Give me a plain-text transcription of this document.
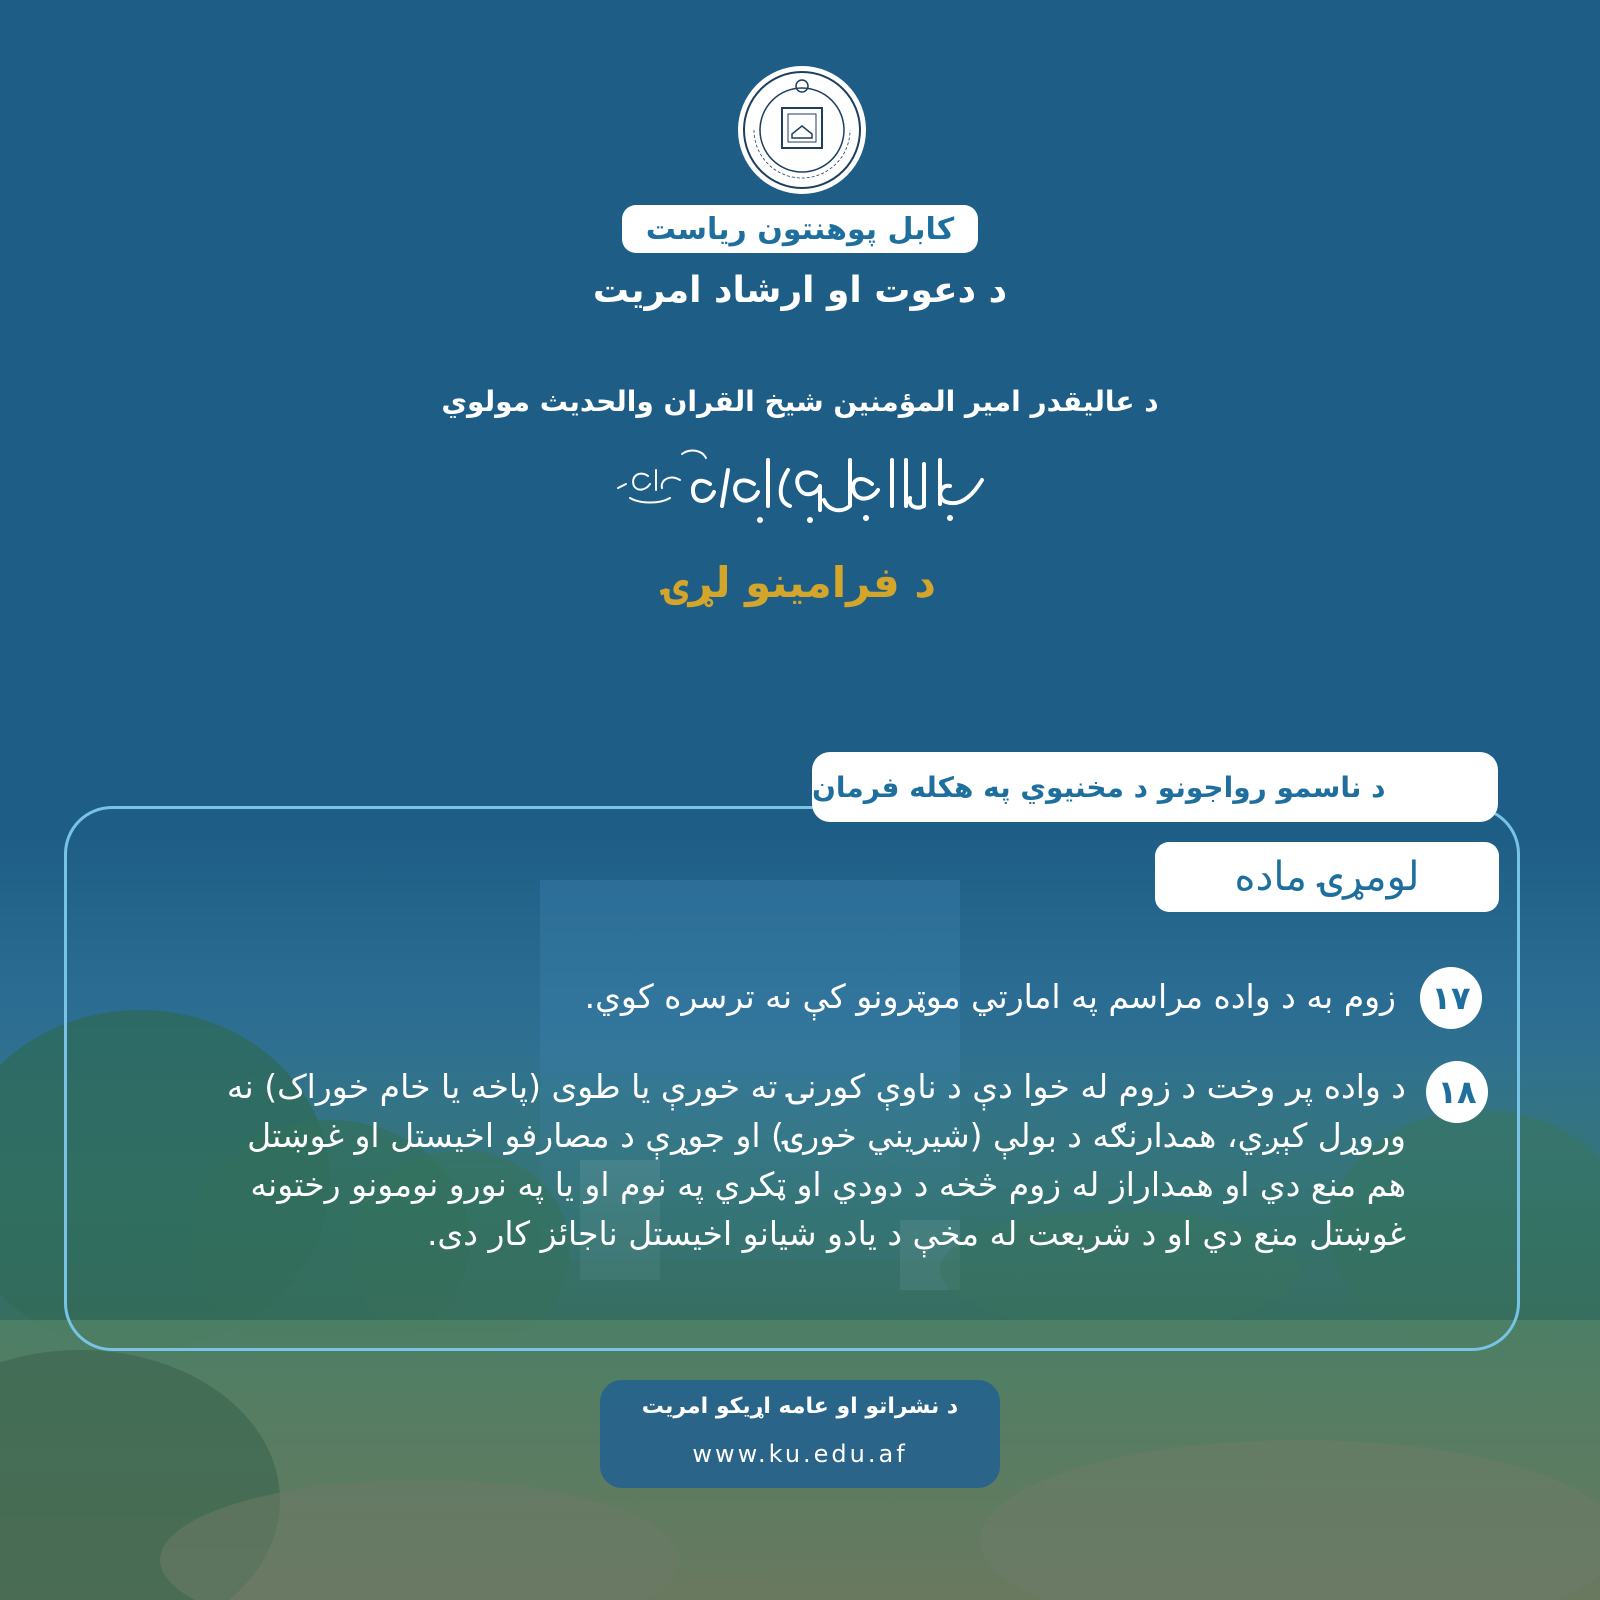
کابل پوهنتون ریاست
د دعوت او ارشاد امریت
د عالیقدر امیر المؤمنین شیخ القران والحدیث مولوي
د فرامینو لړۍ
د ناسمو رواجونو د مخنیوي په هکله فرمان
لومړۍ ماده
۱۷
زوم به د واده مراسم په امارتي موټرونو کې نه ترسره کوي.
۱۸
د واده پر وخت د زوم له خوا دې د ناوې کورنۍ ته خورې یا طوی (پاخه یا خام خوراک) نه وروړل کېږي، همدارنګه د بولې (شیریني خورۍ) او جوړې د مصارفو اخیستل او غوښتل هم منع دي او همداراز له زوم څخه د دودي او ټکري په نوم او یا په نورو نومونو رختونه غوښتل منع دي او د شریعت له مخې د یادو شیانو اخیستل ناجائز کار دی.
د نشراتو او عامه اړیکو امریت
www.ku.edu.af
